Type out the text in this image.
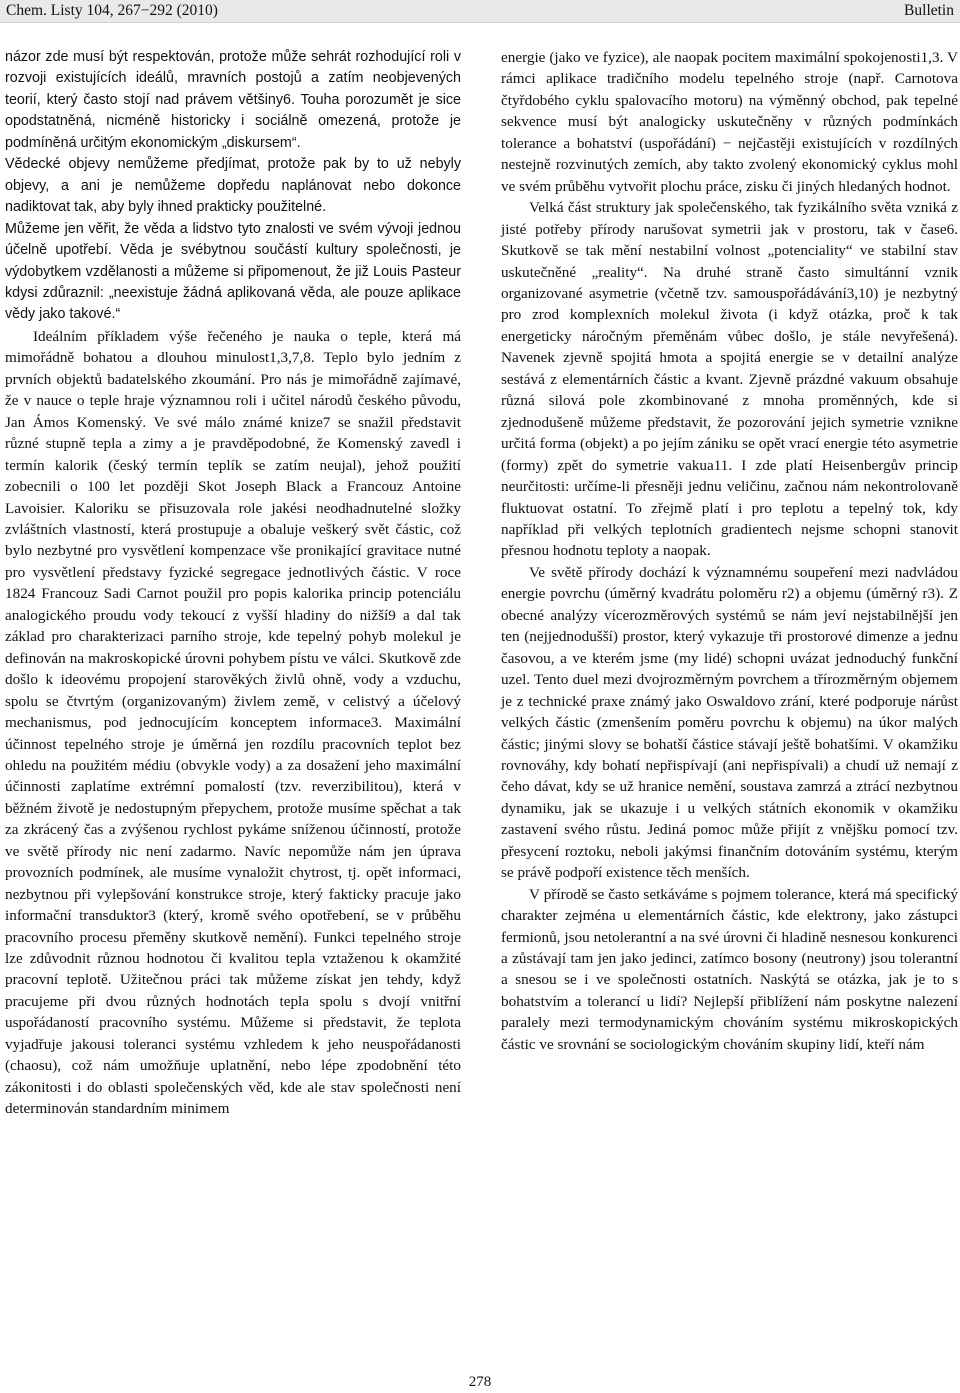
Chem. Listy 104, 267−292 (2010)	Bulletin

názor zde musí být respektován, protože může sehrát rozhodující roli v rozvoji existujících ideálů, mravních postojů a zatím neobjevených teorií, který často stojí nad právem většiny6. Touha porozumět je sice opodstatněná, nicméně historicky i sociálně omezená, protože je podmíněná určitým ekonomickým „diskursem“.

Vědecké objevy nemůžeme předjímat, protože pak by to už nebyly objevy, a ani je nemůžeme dopředu naplánovat nebo dokonce nadiktovat tak, aby byly ihned prakticky použitelné.

Můžeme jen věřit, že věda a lidstvo tyto znalosti ve svém vývoji jednou účelně upotřebí. Věda je svébytnou součástí kultury společnosti, je výdobytkem vzdělanosti a můžeme si připomenout, že již Louis Pasteur kdysi zdůraznil: „neexistuje žádná aplikovaná věda, ale pouze aplikace vědy jako takové.“

Ideálním příkladem výše řečeného je nauka o teple, která má mimořádně bohatou a dlouhou minulost1,3,7,8. Teplo bylo jedním z prvních objektů badatelského zkoumání. Pro nás je mimořádně zajímavé, že v nauce o teple hraje významnou roli i učitel národů českého původu, Jan Ámos Komenský. Ve své málo známé knize7 se snažil představit různé stupně tepla a zimy a je pravděpodobné, že Komenský zavedl i termín kalorik (český termín teplík se zatím neujal), jehož použití zobecnili o 100 let později Skot Joseph Black a Francouz Antoine Lavoisier. Kaloriku se přisuzovala role jakési neodhadnutelné složky zvláštních vlastností, která prostupuje a obaluje veškerý svět částic, což bylo nezbytné pro vysvětlení kompenzace vše pronikající gravitace nutné pro vysvětlení představy fyzické segregace jednotlivých částic. V roce 1824 Francouz Sadi Carnot použil pro popis kalorika princip potenciálu analogického proudu vody tekoucí z vyšší hladiny do nižší9 a dal tak základ pro charakterizaci parního stroje, kde tepelný pohyb molekul je definován na makroskopické úrovni pohybem pístu ve válci. Skutkově zde došlo k ideovému propojení starověkých živlů ohně, vody a vzduchu, spolu se čtvrtým (organizovaným) živlem země, v celistvý a účelový mechanismus, pod jednocujícím konceptem informace3. Maximální účinnost tepelného stroje je úměrná jen rozdílu pracovních teplot bez ohledu na použitém médiu (obvykle vody) a za dosažení jeho maximální účinnosti zaplatíme extrémní pomalostí (tzv. reverzibilitou), která v běžném životě je nedostupným přepychem, protože musíme spěchat a tak za zkrácený čas a zvýšenou rychlost pykáme sníženou účinností, protože ve světě přírody nic není zadarmo. Navíc nepomůže nám jen úprava provozních podmínek, ale musíme vynaložit chytrost, tj. opět informaci, nezbytnou při vylepšování konstrukce stroje, který fakticky pracuje jako informační transduktor3 (který, kromě svého opotřebení, se v průběhu pracovního procesu přeměny skutkově nemění). Funkci tepelného stroje lze zdůvodnit různou hodnotou či kvalitou tepla vztaženou k okamžité pracovní teplotě. Užitečnou práci tak můžeme získat jen tehdy, když pracujeme při dvou různých hodnotách tepla spolu s dvojí vnitřní uspořádaností pracovního systému. Můžeme si představit, že teplota vyjadřuje jakousi toleranci systému vzhledem k jeho neuspořádanosti (chaosu), což nám umožňuje uplatnění, nebo lépe zpodobnění této zákonitosti i do oblasti společenských věd, kde ale stav společnosti není determinován standardním minimem

energie (jako ve fyzice), ale naopak pocitem maximální spokojenosti1,3. V rámci aplikace tradičního modelu tepelného stroje (např. Carnotova čtyřdobého cyklu spalovacího motoru) na výměnný obchod, pak tepelné sekvence musí být analogicky uskutečněny v různých podmínkách tolerance a bohatství (uspořádání) − nejčastěji existujících v rozdílných nestejně rozvinutých zemích, aby takto zvolený ekonomický cyklus mohl ve svém průběhu vytvořit plochu práce, zisku či jiných hledaných hodnot.

Velká část struktury jak společenského, tak fyzikálního světa vzniká z jisté potřeby přírody narušovat symetrii jak v prostoru, tak v čase6. Skutkově se tak mění nestabilní volnost „potenciality“ ve stabilní stav uskutečněné „reality“. Na druhé straně často simultánní vznik organizované asymetrie (včetně tzv. samouspořádávání3,10) je nezbytný pro zrod komplexních molekul života (i když otázka, proč k tak energeticky náročným přeměnám vůbec došlo, je stále nevyřešená). Navenek zjevně spojitá hmota a spojitá energie se v detailní analýze sestává z elementárních částic a kvant. Zjevně prázdné vakuum obsahuje různá silová pole zkombinované z mnoha proměnných, kde si zjednodušeně můžeme představit, že pozorování jejich symetrie vznikne určitá forma (objekt) a po jejím zániku se opět vrací energie této asymetrie (formy) zpět do symetrie vakua11. I zde platí Heisenbergův princip neurčitosti: určíme-li přesněji jednu veličinu, začnou nám nekontrolovaně fluktuovat ostatní. To zřejmě platí i pro teplotu a tepelný tok, kdy například při velkých teplotních gradientech nejsme schopni stanovit přesnou hodnotu teploty a naopak.

Ve světě přírody dochází k významnému soupeření mezi nadvládou energie povrchu (úměrný kvadrátu poloměru r2) a objemu (úměrný r3). Z obecné analýzy vícerozměrových systémů se nám jeví nejstabilnější jen ten (nejjednodušší) prostor, který vykazuje tři prostorové dimenze a jednu časovou, a ve kterém jsme (my lidé) schopni uvázat jednoduchý funkční uzel. Tento duel mezi dvojrozměrným povrchem a třírozměrným objemem je z technické praxe známý jako Oswaldovo zrání, které podporuje nárůst velkých částic (zmenšením poměru povrchu k objemu) na úkor malých částic; jinými slovy se bohatší částice stávají ještě bohatšími. V okamžiku rovnováhy, kdy bohatí nepřispívají (ani nepřispívali) a chudí už nemají z čeho dávat, kdy se už hranice nemění, soustava zamrzá a ztrácí nezbytnou dynamiku, jak se ukazuje i u velkých státních ekonomik v okamžiku zastavení svého růstu. Jediná pomoc může přijít z vnějšku pomocí tzv. přesycení roztoku, neboli jakýmsi finančním dotováním systému, kterým se právě podpoří existence těch menších.

V přírodě se často setkáváme s pojmem tolerance, která má specifický charakter zejména u elementárních částic, kde elektrony, jako zástupci fermionů, jsou netolerantní a na své úrovni či hladině nesnesou konkurenci a zůstávají tam jen jako jedinci, zatímco bosony (neutrony) jsou tolerantní a snesou se i ve společnosti ostatních. Naskýtá se otázka, jak je to s bohatstvím a tolerancí u lidí? Nejlepší přiblížení nám poskytne nalezení paralely mezi termodynamickým chováním systému mikroskopických částic ve srovnání se sociologickým chováním skupiny lidí, kteří nám

278
